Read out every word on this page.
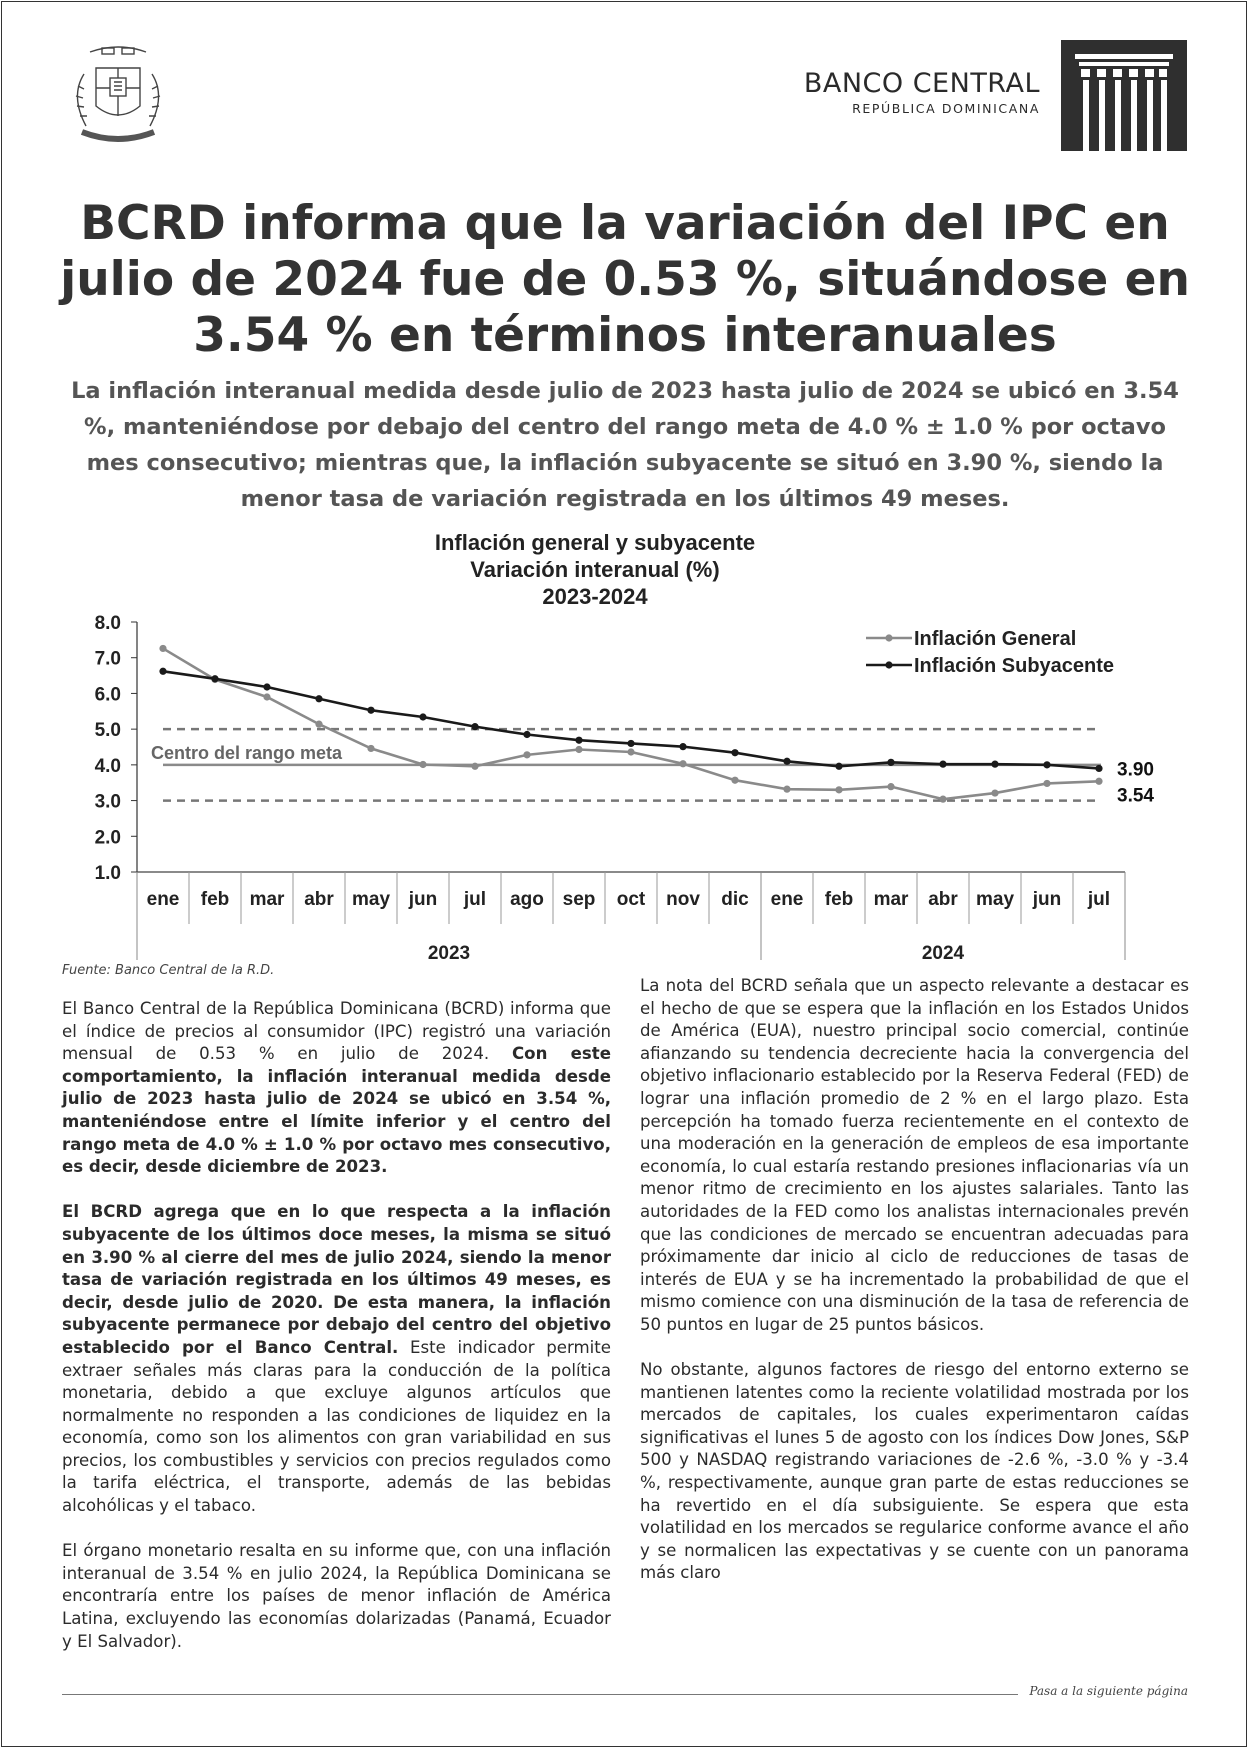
BANCO CENTRAL
REPÚBLICA DOMINICANA
BCRD informa que la variación del IPC en julio de 2024 fue de 0.53 %, situándose en 3.54 % en términos interanuales

La inflación interanual medida desde julio de 2023 hasta julio de 2024 se ubicó en 3.54 %, manteniéndose por debajo del centro del rango meta de 4.0 % ± 1.0 % por octavo mes consecutivo; mientras que, la inflación subyacente se situó en 3.90 %, siendo la menor tasa de variación registrada en los últimos 49 meses.

Inflación general y subyacente
Variación interanual (%)
2023-2024
8.0
7.0
6.0
5.0
4.0
3.0
2.0
1.0
2023	2024
ene feb mar abr may jun jul ago sep oct nov dic ene feb mar abr may jun jul
Centro del rango meta
3.90
3.54
Inflación General
Inflación Subyacente
Fuente: Banco Central de la R.D.

El Banco Central de la República Dominicana (BCRD) informa que el índice de precios al consumidor (IPC) registró una variación mensual de 0.53 % en julio de 2024. Con este comportamiento, la inflación interanual medida desde julio de 2023 hasta julio de 2024 se ubicó en 3.54 %, manteniéndose entre el límite inferior y el centro del rango meta de 4.0 % ± 1.0 % por octavo mes consecutivo, es decir, desde diciembre de 2023.

El BCRD agrega que en lo que respecta a la inflación subyacente de los últimos doce meses, la misma se situó en 3.90 % al cierre del mes de julio 2024, siendo la menor tasa de variación registrada en los últimos 49 meses, es decir, desde julio de 2020. De esta manera, la inflación subyacente permanece por debajo del centro del objetivo establecido por el Banco Central. Este indicador permite extraer señales más claras para la conducción de la política monetaria, debido a que excluye algunos artículos que normalmente no responden a las condiciones de liquidez en la economía, como son los alimentos con gran variabilidad en sus precios, los combustibles y servicios con precios regulados como la tarifa eléctrica, el transporte, además de las bebidas alcohólicas y el tabaco.

El órgano monetario resalta en su informe que, con una inflación interanual de 3.54 % en julio 2024, la República Dominicana se encontraría entre los países de menor inflación de América Latina, excluyendo las economías dolarizadas (Panamá, Ecuador y El Salvador).

La nota del BCRD señala que un aspecto relevante a destacar es el hecho de que se espera que la inflación en los Estados Unidos de América (EUA), nuestro principal socio comercial, continúe afianzando su tendencia decreciente hacia la convergencia del objetivo inflacionario establecido por la Reserva Federal (FED) de lograr una inflación promedio de 2 % en el largo plazo. Esta percepción ha tomado fuerza recientemente en el contexto de una moderación en la generación de empleos de esa importante economía, lo cual estaría restando presiones inflacionarias vía un menor ritmo de crecimiento en los ajustes salariales. Tanto las autoridades de la FED como los analistas internacionales prevén que las condiciones de mercado se encuentran adecuadas para próximamente dar inicio al ciclo de reducciones de tasas de interés de EUA y se ha incrementado la probabilidad de que el mismo comience con una disminución de la tasa de referencia de 50 puntos en lugar de 25 puntos básicos.

No obstante, algunos factores de riesgo del entorno externo se mantienen latentes como la reciente volatilidad mostrada por los mercados de capitales, los cuales experimentaron caídas significativas el lunes 5 de agosto con los índices Dow Jones, S&P 500 y NASDAQ registrando variaciones de -2.6 %, -3.0 % y -3.4 %, respectivamente, aunque gran parte de estas reducciones se ha revertido en el día subsiguiente. Se espera que esta volatilidad en los mercados se regularice conforme avance el año y se normalicen las expectativas y se cuente con un panorama más claro

Pasa a la siguiente página
